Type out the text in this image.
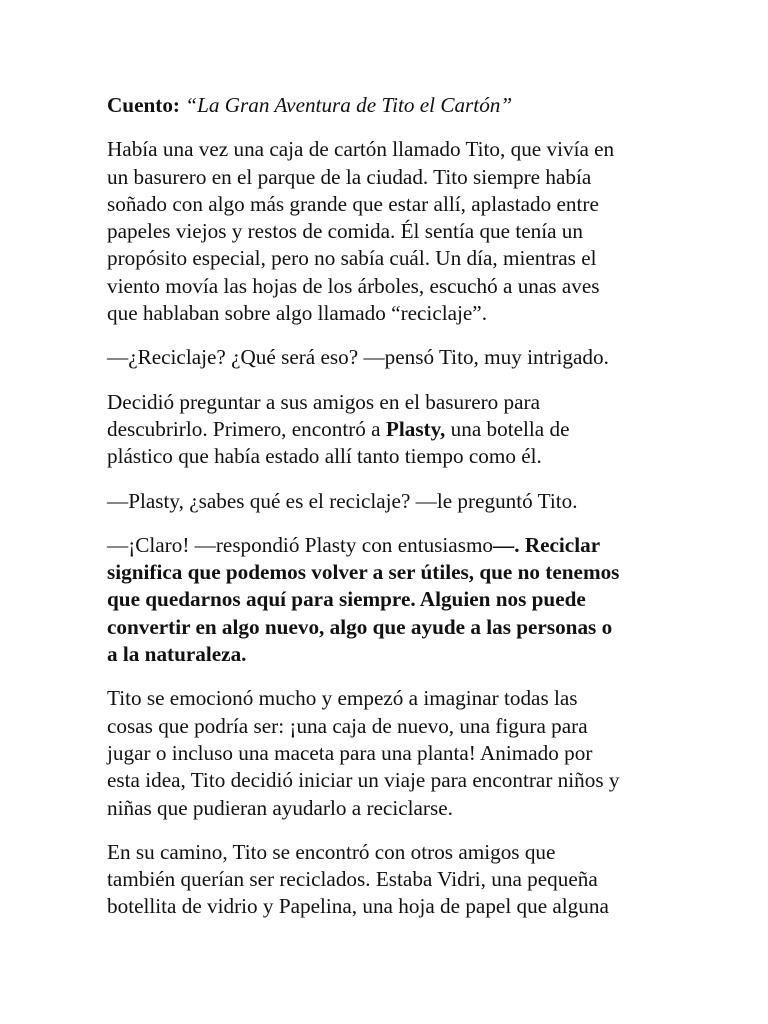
Cuento: “La Gran Aventura de Tito el Cartón”

Había una vez una caja de cartón llamado Tito, que vivía en
un basurero en el parque de la ciudad. Tito siempre había
soñado con algo más grande que estar allí, aplastado entre
papeles viejos y restos de comida. Él sentía que tenía un
propósito especial, pero no sabía cuál. Un día, mientras el
viento movía las hojas de los árboles, escuchó a unas aves
que hablaban sobre algo llamado “reciclaje”.

—¿Reciclaje? ¿Qué será eso? —pensó Tito, muy intrigado.

Decidió preguntar a sus amigos en el basurero para
descubrirlo. Primero, encontró a Plasty, una botella de
plástico que había estado allí tanto tiempo como él.

—Plasty, ¿sabes qué es el reciclaje? —le preguntó Tito.

—¡Claro! —respondió Plasty con entusiasmo—. Reciclar
significa que podemos volver a ser útiles, que no tenemos
que quedarnos aquí para siempre. Alguien nos puede
convertir en algo nuevo, algo que ayude a las personas o
a la naturaleza.

Tito se emocionó mucho y empezó a imaginar todas las
cosas que podría ser: ¡una caja de nuevo, una figura para
jugar o incluso una maceta para una planta! Animado por
esta idea, Tito decidió iniciar un viaje para encontrar niños y
niñas que pudieran ayudarlo a reciclarse.

En su camino, Tito se encontró con otros amigos que
también querían ser reciclados. Estaba Vidri, una pequeña
botellita de vidrio y Papelina, una hoja de papel que alguna
